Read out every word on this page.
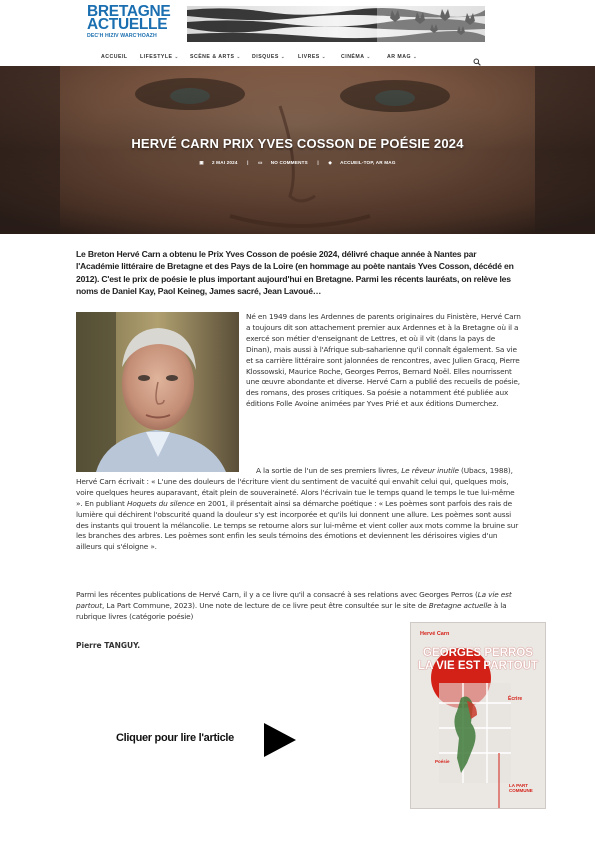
BRETAGNE
ACTUELLE
DEC'H HIZIV WARC'HOAZH
ACCUEIL LIFESTYLE ⌄ SCÈNE & ARTS ⌄ DISQUES ⌄ LIVRES ⌄	CINÉMA ⌄	AR MAG ⌄
HERVÉ CARN PRIX YVES COSSON DE POÉSIE 2024
▣ 2 MAI 2024 | ▭ NO COMMENTS | ◆ ACCUEIL-TOP, AR MAG
Le Breton Hervé Carn a obtenu le Prix Yves Cosson de poésie 2024, délivré chaque année à Nantes par l'Académie littéraire de Bretagne et des Pays de la Loire (en hommage au poète nantais Yves Cosson, décédé en 2012). C'est le prix de poésie le plus important aujourd'hui en Bretagne. Parmi les récents lauréats, on relève les noms de Daniel Kay, Paol Keineg, James sacré, Jean Lavoué…
Né en 1949 dans les Ardennes de parents originaires du Finistère, Hervé Carn a toujours dit son attachement premier aux Ardennes et à la Bretagne où il a exercé son métier d'enseignant de Lettres, et où il vit (dans la pays de Dinan), mais aussi à l'Afrique sub-saharienne qu'il connaît également. Sa vie et sa carrière littéraire sont jalonnées de rencontres, avec Julien Gracq, Pierre Klossowski, Maurice Roche, Georges Perros, Bernard Noël. Elles nourrissent une œuvre abondante et diverse. Hervé Carn a publié des recueils de poésie, des romans, des proses critiques. Sa poésie a notamment été publiée aux éditions Folle Avoine animées par Yves Prié et aux éditions Dumerchez.
A la sortie de l'un de ses premiers livres, Le rêveur inutile (Ubacs, 1988), Hervé Carn écrivait : « L'une des douleurs de l'écriture vient du sentiment de vacuité qui envahit celui qui, quelques mois, voire quelques heures auparavant, était plein de souveraineté. Alors l'écrivain tue le temps quand le temps le tue lui-même ». En publiant Hoquets du silence en 2001, il présentait ainsi sa démarche poétique : « Les poèmes sont parfois des rais de lumière qui déchirent l'obscurité quand la douleur s'y est incorporée et qu'ils lui donnent une allure. Les poèmes sont aussi des instants qui trouent la mélancolie. Le temps se retourne alors sur lui-même et vient coller aux mots comme la bruine sur les branches des arbres. Les poèmes sont enfin les seuls témoins des émotions et deviennent les dérisoires vigies d'un ailleurs qui s'éloigne ».
Parmi les récentes publications de Hervé Carn, il y a ce livre qu'il a consacré à ses relations avec Georges Perros (La vie est partout, La Part Commune, 2023). Une note de lecture de ce livre peut être consultée sur le site de Bretagne actuelle à la rubrique livres (catégorie poésie)
Pierre TANGUY.
Cliquer pour lire l'article
Hervé Carn
GEORGES PERROS
LA VIE EST PARTOUT
Écrire
Poésie
LA PART COMMUNE
